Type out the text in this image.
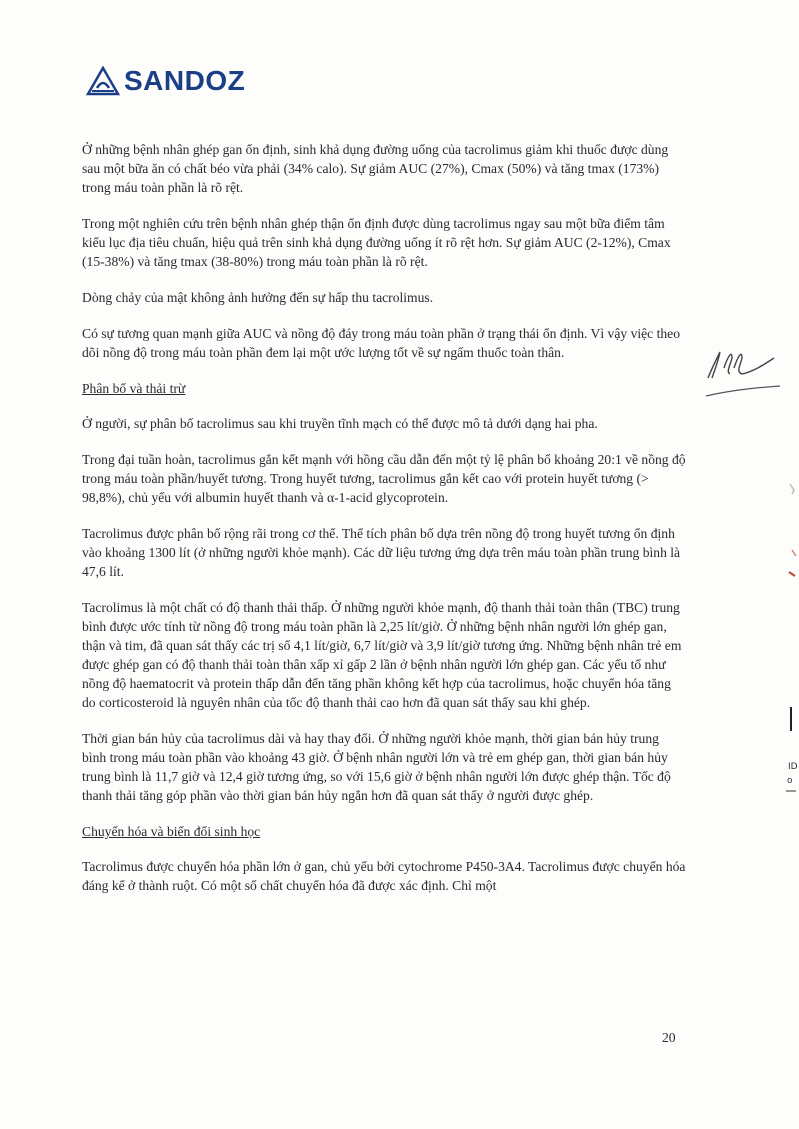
SANDOZ

Ở những bệnh nhân ghép gan ổn định, sinh khả dụng đường uống của tacrolimus giảm khi thuốc được dùng sau một bữa ăn có chất béo vừa phải (34% calo). Sự giảm AUC (27%), Cmax (50%) và tăng tmax (173%) trong máu toàn phần là rõ rệt.

Trong một nghiên cứu trên bệnh nhân ghép thận ổn định được dùng tacrolimus ngay sau một bữa điểm tâm kiểu lục địa tiêu chuẩn, hiệu quả trên sinh khả dụng đường uống ít rõ rệt hơn. Sự giảm AUC (2-12%), Cmax (15-38%) và tăng tmax (38-80%) trong máu toàn phần là rõ rệt.

Dòng chảy của mật không ảnh hưởng đến sự hấp thu tacrolimus.

Có sự tương quan mạnh giữa AUC và nồng độ đáy trong máu toàn phần ở trạng thái ổn định. Vì vậy việc theo dõi nồng độ trong máu toàn phần đem lại một ước lượng tốt về sự ngấm thuốc toàn thân.

Phân bố và thải trừ

Ở người, sự phân bố tacrolimus sau khi truyền tĩnh mạch có thể được mô tả dưới dạng hai pha.

Trong đại tuần hoàn, tacrolimus gắn kết mạnh với hồng cầu dẫn đến một tỷ lệ phân bố khoảng 20:1 về nồng độ trong máu toàn phần/huyết tương. Trong huyết tương, tacrolimus gắn kết cao với protein huyết tương (> 98,8%), chủ yếu với albumin huyết thanh và α-1-acid glycoprotein.

Tacrolimus được phân bố rộng rãi trong cơ thể. Thể tích phân bố dựa trên nồng độ trong huyết tương ổn định vào khoảng 1300 lít (ở những người khỏe mạnh). Các dữ liệu tương ứng dựa trên máu toàn phần trung bình là 47,6 lít.

Tacrolimus là một chất có độ thanh thải thấp. Ở những người khỏe mạnh, độ thanh thải toàn thân (TBC) trung bình được ước tính từ nồng độ trong máu toàn phần là 2,25 lít/giờ. Ở những bệnh nhân người lớn ghép gan, thận và tim, đã quan sát thấy các trị số 4,1 lít/giờ, 6,7 lít/giờ và 3,9 lít/giờ tương ứng. Những bệnh nhân trẻ em được ghép gan có độ thanh thải toàn thân xấp xỉ gấp 2 lần ở bệnh nhân người lớn ghép gan. Các yếu tố như nồng độ haematocrit và protein thấp dẫn đến tăng phần không kết hợp của tacrolimus, hoặc chuyển hóa tăng do corticosteroid là nguyên nhân của tốc độ thanh thải cao hơn đã quan sát thấy sau khi ghép.

Thời gian bán hủy của tacrolimus dài và hay thay đổi. Ở những người khỏe mạnh, thời gian bán hủy trung bình trong máu toàn phần vào khoảng 43 giờ. Ở bệnh nhân người lớn và trẻ em ghép gan, thời gian bán hủy trung bình là 11,7 giờ và 12,4 giờ tương ứng, so với 15,6 giờ ở bệnh nhân người lớn được ghép thận. Tốc độ thanh thải tăng góp phần vào thời gian bán hủy ngắn hơn đã quan sát thấy ở người được ghép.

Chuyển hóa và biến đổi sinh học

Tacrolimus được chuyển hóa phần lớn ở gan, chủ yếu bởi cytochrome P450-3A4. Tacrolimus được chuyển hóa đáng kể ở thành ruột. Có một số chất chuyển hóa đã được xác định. Chỉ một

ID
o
20
